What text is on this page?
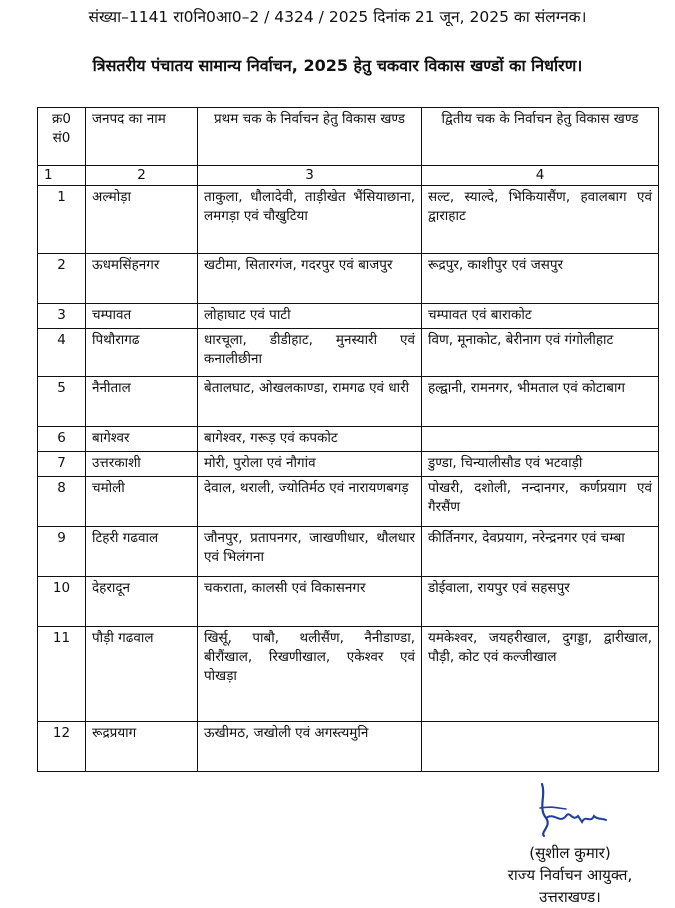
संख्या–1141 रा0नि0आ0–2 / 4324 / 2025 दिनांक 21 जून, 2025 का संलग्नक।
त्रिसतरीय पंचातय सामान्य निर्वाचन, 2025 हेतु चकवार विकास खण्डों का निर्धारण।
क्र0 सं0	जनपद का नाम	प्रथम चक के निर्वाचन हेतु विकास खण्ड	द्वितीय चक के निर्वाचन हेतु विकास खण्ड
1	2	3	4
1	अल्मोड़ा	ताकुला, धौलादेवी, ताड़ीखेत भैंसियाछाना, लमगड़ा एवं चौखुटिया	सल्ट, स्याल्दे, भिकियासैंण, हवालबाग एवं द्वाराहाट
2	ऊधमसिंहनगर	खटीमा, सितारगंज, गदरपुर एवं बाजपुर	रूद्रपुर, काशीपुर एवं जसपुर
3	चम्पावत	लोहाघाट एवं पाटी	चम्पावत एवं बाराकोट
4	पिथौरागढ	धारचूला, डीडीहाट, मुनस्यारी एवं कनालीछीना	विण, मूनाकोट, बेरीनाग एवं गंगोलीहाट
5	नैनीताल	बेतालघाट, ओखलकाण्डा, रामगढ एवं धारी	हल्द्वानी, रामनगर, भीमताल एवं कोटाबाग
6	बागेश्वर	बागेश्वर, गरूड़ एवं कपकोट	
7	उत्तरकाशी	मोरी, पुरोला एवं नौगांव	डुण्डा, चिन्यालीसौड एवं भटवाड़ी
8	चमोली	देवाल, थराली, ज्योतिर्मठ एवं नारायणबगड़	पोखरी, दशोली, नन्दानगर, कर्णप्रयाग एवं गैरसैंण
9	टिहरी गढवाल	जौनपुर, प्रतापनगर, जाखणीधार, थौलधार एवं भिलंगना	कीर्तिनगर, देवप्रयाग, नरेन्द्रनगर एवं चम्बा
10	देहरादून	चकराता, कालसी एवं विकासनगर	डोईवाला, रायपुर एवं सहसपुर
11	पौड़ी गढवाल	खिर्सू, पाबौ, थलीसैंण, नैनीडाण्डा, बीरौंखाल, रिखणीखाल, एकेश्वर एवं पोखड़ा	यमकेश्वर, जयहरीखाल, दुगड्डा, द्वारीखाल, पौड़ी, कोट एवं कल्जीखाल
12	रूद्रप्रयाग	ऊखीमठ, जखोली एवं अगस्त्यमुनि	
(सुशील कुमार)
राज्य निर्वाचन आयुक्त,
उत्तराखण्ड।
